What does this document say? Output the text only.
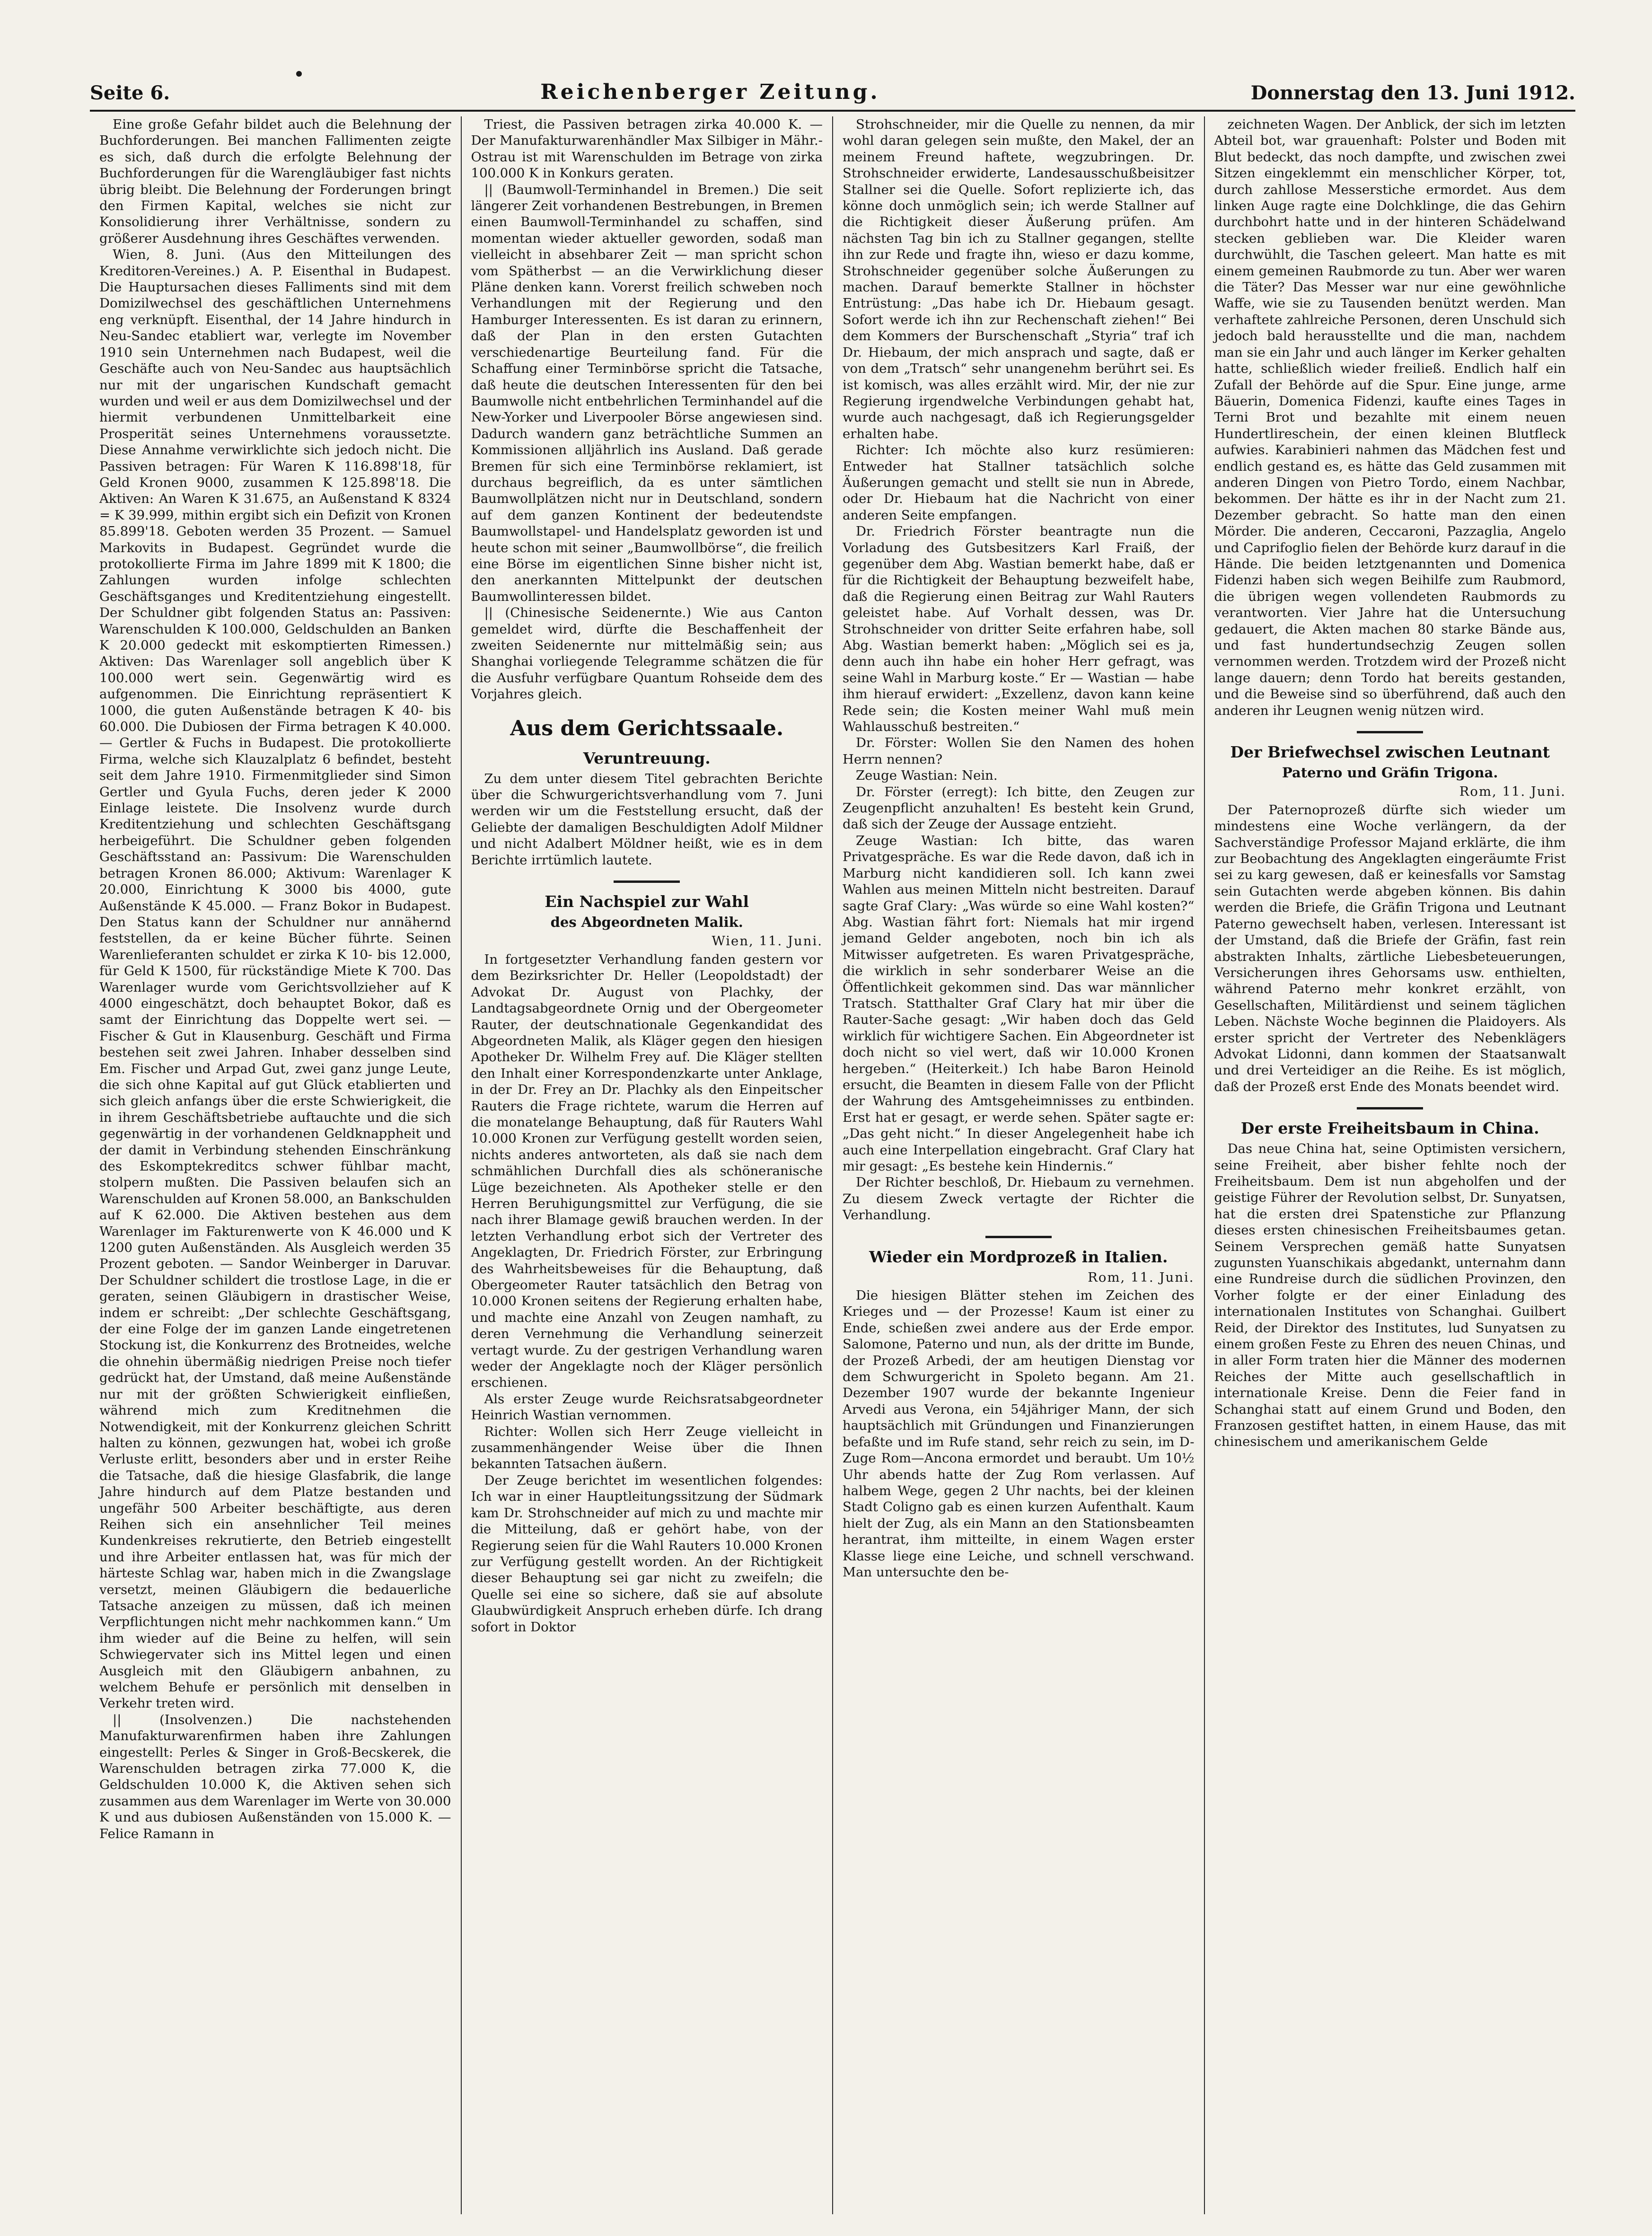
Seite 6.	Reichenberger Zeitung.	Donnerstag den 13. Juni 1912.

Eine große Gefahr bildet auch die Belehnung der Buchforderungen. Bei manchen Fallimenten zeigte es sich, daß durch die erfolgte Belehnung der Buchforderungen für die Warengläubiger fast nichts übrig bleibt. Die Belehnung der Forderungen bringt den Firmen Kapital, welches sie nicht zur Konsolidierung ihrer Verhältnisse, sondern zu größerer Ausdehnung ihres Geschäftes verwenden.

Wien, 8. Juni. (Aus den Mitteilungen des Kreditoren-Vereines.) A. P. Eisenthal in Budapest. Die Hauptursachen dieses Falliments sind mit dem Domizilwechsel des geschäftlichen Unternehmens eng verknüpft. Eisenthal, der 14 Jahre hindurch in Neu-Sandec etabliert war, verlegte im November 1910 sein Unternehmen nach Budapest, weil die Geschäfte auch von Neu-Sandec aus hauptsächlich nur mit der ungarischen Kundschaft gemacht wurden und weil er aus dem Domizilwechsel und der hiermit verbundenen Unmittelbarkeit eine Prosperität seines Unternehmens voraussetzte. Diese Annahme verwirklichte sich jedoch nicht. Die Passiven betragen: Für Waren K 116.898'18, für Geld Kronen 9000, zusammen K 125.898'18. Die Aktiven: An Waren K 31.675, an Außenstand K 8324 = K 39.999, mithin ergibt sich ein Defizit von Kronen 85.899'18. Geboten werden 35 Prozent. — Samuel Markovits in Budapest. Gegründet wurde die protokollierte Firma im Jahre 1899 mit K 1800; die Zahlungen wurden infolge schlechten Geschäftsganges und Kreditentziehung eingestellt. Der Schuldner gibt folgenden Status an: Passiven: Warenschulden K 100.000, Geldschulden an Banken K 20.000 gedeckt mit eskomptierten Rimessen.) Aktiven: Das Warenlager soll angeblich über K 100.000 wert sein. Gegenwärtig wird es aufgenommen. Die Einrichtung repräsentiert K 1000, die guten Außenstände betragen K 40- bis 60.000. Die Dubiosen der Firma betragen K 40.000. — Gertler & Fuchs in Budapest. Die protokollierte Firma, welche sich Klauzalplatz 6 befindet, besteht seit dem Jahre 1910. Firmenmitglieder sind Simon Gertler und Gyula Fuchs, deren jeder K 2000 Einlage leistete. Die Insolvenz wurde durch Kreditentziehung und schlechten Geschäftsgang herbeigeführt. Die Schuldner geben folgenden Geschäftsstand an: Passivum: Die Warenschulden betragen Kronen 86.000; Aktivum: Warenlager K 20.000, Einrichtung K 3000 bis 4000, gute Außenstände K 45.000. — Franz Bokor in Budapest. Den Status kann der Schuldner nur annähernd feststellen, da er keine Bücher führte. Seinen Warenlieferanten schuldet er zirka K 10- bis 12.000, für Geld K 1500, für rückständige Miete K 700. Das Warenlager wurde vom Gerichtsvollzieher auf K 4000 eingeschätzt, doch behauptet Bokor, daß es samt der Einrichtung das Doppelte wert sei. — Fischer & Gut in Klausenburg. Geschäft und Firma bestehen seit zwei Jahren. Inhaber desselben sind Em. Fischer und Arpad Gut, zwei ganz junge Leute, die sich ohne Kapital auf gut Glück etablierten und sich gleich anfangs über die erste Schwierigkeit, die in ihrem Geschäftsbetriebe auftauchte und die sich gegenwärtig in der vorhandenen Geldknappheit und der damit in Verbindung stehenden Einschränkung des Eskomptekreditcs schwer fühlbar macht, stolpern mußten. Die Passiven belaufen sich an Warenschulden auf Kronen 58.000, an Bankschulden auf K 62.000. Die Aktiven bestehen aus dem Warenlager im Fakturenwerte von K 46.000 und K 1200 guten Außenständen. Als Ausgleich werden 35 Prozent geboten. — Sandor Weinberger in Daruvar. Der Schuldner schildert die trostlose Lage, in die er geraten, seinen Gläubigern in drastischer Weise, indem er schreibt: „Der schlechte Geschäftsgang, der eine Folge der im ganzen Lande eingetretenen Stockung ist, die Konkurrenz des Brotneides, welche die ohnehin übermäßig niedrigen Preise noch tiefer gedrückt hat, der Umstand, daß meine Außenstände nur mit der größten Schwierigkeit einfließen, während mich zum Kreditnehmen die Notwendigkeit, mit der Konkurrenz gleichen Schritt halten zu können, gezwungen hat, wobei ich große Verluste erlitt, besonders aber und in erster Reihe die Tatsache, daß die hiesige Glasfabrik, die lange Jahre hindurch auf dem Platze bestanden und ungefähr 500 Arbeiter beschäftigte, aus deren Reihen sich ein ansehnlicher Teil meines Kundenkreises rekrutierte, den Betrieb eingestellt und ihre Arbeiter entlassen hat, was für mich der härteste Schlag war, haben mich in die Zwangslage versetzt, meinen Gläubigern die bedauerliche Tatsache anzeigen zu müssen, daß ich meinen Verpflichtungen nicht mehr nachkommen kann.“ Um ihm wieder auf die Beine zu helfen, will sein Schwiegervater sich ins Mittel legen und einen Ausgleich mit den Gläubigern anbahnen, zu welchem Behufe er persönlich mit denselben in Verkehr treten wird.

|| (Insolvenzen.) Die nachstehenden Manufakturwarenfirmen haben ihre Zahlungen eingestellt: Perles & Singer in Groß-Becskerek, die Warenschulden betragen zirka 77.000 K, die Geldschulden 10.000 K, die Aktiven sehen sich zusammen aus dem Warenlager im Werte von 30.000 K und aus dubiosen Außenständen von 15.000 K. — Felice Ramann in

Triest, die Passiven betragen zirka 40.000 K. — Der Manufakturwarenhändler Max Silbiger in Mähr.-Ostrau ist mit Warenschulden im Betrage von zirka 100.000 K in Konkurs geraten.

|| (Baumwoll-Terminhandel in Bremen.) Die seit längerer Zeit vorhandenen Bestrebungen, in Bremen einen Baumwoll-Terminhandel zu schaffen, sind momentan wieder aktueller geworden, sodaß man vielleicht in absehbarer Zeit — man spricht schon vom Spätherbst — an die Verwirklichung dieser Pläne denken kann. Vorerst freilich schweben noch Verhandlungen mit der Regierung und den Hamburger Interessenten. Es ist daran zu erinnern, daß der Plan in den ersten Gutachten verschiedenartige Beurteilung fand. Für die Schaffung einer Terminbörse spricht die Tatsache, daß heute die deutschen Interessenten für den bei Baumwolle nicht entbehrlichen Terminhandel auf die New-Yorker und Liverpooler Börse angewiesen sind. Dadurch wandern ganz beträchtliche Summen an Kommissionen alljährlich ins Ausland. Daß gerade Bremen für sich eine Terminbörse reklamiert, ist durchaus begreiflich, da es unter sämtlichen Baumwollplätzen nicht nur in Deutschland, sondern auf dem ganzen Kontinent der bedeutendste Baumwollstapel- und Handelsplatz geworden ist und heute schon mit seiner „Baumwollbörse“, die freilich eine Börse im eigentlichen Sinne bisher nicht ist, den anerkannten Mittelpunkt der deutschen Baumwollinteressen bildet.

|| (Chinesische Seidenernte.) Wie aus Canton gemeldet wird, dürfte die Beschaffenheit der zweiten Seidenernte nur mittelmäßig sein; aus Shanghai vorliegende Telegramme schätzen die für die Ausfuhr verfügbare Quantum Rohseide dem des Vorjahres gleich.

Aus dem Gerichtssaale.
Veruntreuung.

Zu dem unter diesem Titel gebrachten Berichte über die Schwurgerichtsverhandlung vom 7. Juni werden wir um die Feststellung ersucht, daß der Geliebte der damaligen Beschuldigten Adolf Mildner und nicht Adalbert Möldner heißt, wie es in dem Berichte irrtümlich lautete.

Ein Nachspiel zur Wahl
des Abgeordneten Malik.
Wien, 11. Juni.

In fortgesetzter Verhandlung fanden gestern vor dem Bezirksrichter Dr. Heller (Leopoldstadt) der Advokat Dr. August von Plachky, der Landtagsabgeordnete Ornig und der Obergeometer Rauter, der deutschnationale Gegenkandidat des Abgeordneten Malik, als Kläger gegen den hiesigen Apotheker Dr. Wilhelm Frey auf. Die Kläger stellten den Inhalt einer Korrespondenzkarte unter Anklage, in der Dr. Frey an Dr. Plachky als den Einpeitscher Rauters die Frage richtete, warum die Herren auf die monatelange Behauptung, daß für Rauters Wahl 10.000 Kronen zur Verfügung gestellt worden seien, nichts anderes antworteten, als daß sie nach dem schmählichen Durchfall dies als schöneranische Lüge bezeichneten. Als Apotheker stelle er den Herren Beruhigungsmittel zur Verfügung, die sie nach ihrer Blamage gewiß brauchen werden. In der letzten Verhandlung erbot sich der Vertreter des Angeklagten, Dr. Friedrich Förster, zur Erbringung des Wahrheitsbeweises für die Behauptung, daß Obergeometer Rauter tatsächlich den Betrag von 10.000 Kronen seitens der Regierung erhalten habe, und machte eine Anzahl von Zeugen namhaft, zu deren Vernehmung die Verhandlung seinerzeit vertagt wurde. Zu der gestrigen Verhandlung waren weder der Angeklagte noch der Kläger persönlich erschienen.

Als erster Zeuge wurde Reichsratsabgeordneter Heinrich Wastian vernommen.

Richter: Wollen sich Herr Zeuge vielleicht in zusammenhängender Weise über die Ihnen bekannten Tatsachen äußern.

Der Zeuge berichtet im wesentlichen folgendes: Ich war in einer Hauptleitungssitzung der Südmark kam Dr. Strohschneider auf mich zu und machte mir die Mitteilung, daß er gehört habe, von der Regierung seien für die Wahl Rauters 10.000 Kronen zur Verfügung gestellt worden. An der Richtigkeit dieser Behauptung sei gar nicht zu zweifeln; die Quelle sei eine so sichere, daß sie auf absolute Glaubwürdigkeit Anspruch erheben dürfe. Ich drang sofort in Doktor

Strohschneider, mir die Quelle zu nennen, da mir wohl daran gelegen sein mußte, den Makel, der an meinem Freund haftete, wegzubringen. Dr. Strohschneider erwiderte, Landesausschußbeisitzer Stallner sei die Quelle. Sofort replizierte ich, das könne doch unmöglich sein; ich werde Stallner auf die Richtigkeit dieser Äußerung prüfen. Am nächsten Tag bin ich zu Stallner gegangen, stellte ihn zur Rede und fragte ihn, wieso er dazu komme, Strohschneider gegenüber solche Äußerungen zu machen. Darauf bemerkte Stallner in höchster Entrüstung: „Das habe ich Dr. Hiebaum gesagt. Sofort werde ich ihn zur Rechenschaft ziehen!“ Bei dem Kommers der Burschenschaft „Styria“ traf ich Dr. Hiebaum, der mich ansprach und sagte, daß er von dem „Tratsch“ sehr unangenehm berührt sei. Es ist komisch, was alles erzählt wird. Mir, der nie zur Regierung irgendwelche Verbindungen gehabt hat, wurde auch nachgesagt, daß ich Regierungsgelder erhalten habe.

Richter: Ich möchte also kurz resümieren: Entweder hat Stallner tatsächlich solche Äußerungen gemacht und stellt sie nun in Abrede, oder Dr. Hiebaum hat die Nachricht von einer anderen Seite empfangen.

Dr. Friedrich Förster beantragte nun die Vorladung des Gutsbesitzers Karl Fraiß, der gegenüber dem Abg. Wastian bemerkt habe, daß er für die Richtigkeit der Behauptung bezweifelt habe, daß die Regierung einen Beitrag zur Wahl Rauters geleistet habe. Auf Vorhalt dessen, was Dr. Strohschneider von dritter Seite erfahren habe, soll Abg. Wastian bemerkt haben: „Möglich sei es ja, denn auch ihn habe ein hoher Herr gefragt, was seine Wahl in Marburg koste.“ Er — Wastian — habe ihm hierauf erwidert: „Exzellenz, davon kann keine Rede sein; die Kosten meiner Wahl muß mein Wahlausschuß bestreiten.“

Dr. Förster: Wollen Sie den Namen des hohen Herrn nennen?

Zeuge Wastian: Nein.

Dr. Förster (erregt): Ich bitte, den Zeugen zur Zeugenpflicht anzuhalten! Es besteht kein Grund, daß sich der Zeuge der Aussage entzieht.

Zeuge Wastian: Ich bitte, das waren Privatgespräche. Es war die Rede davon, daß ich in Marburg nicht kandidieren soll. Ich kann zwei Wahlen aus meinen Mitteln nicht bestreiten. Darauf sagte Graf Clary: „Was würde so eine Wahl kosten?“ Abg. Wastian fährt fort: Niemals hat mir irgend jemand Gelder angeboten, noch bin ich als Mitwisser aufgetreten. Es waren Privatgespräche, die wirklich in sehr sonderbarer Weise an die Öffentlichkeit gekommen sind. Das war männlicher Tratsch. Statthalter Graf Clary hat mir über die Rauter-Sache gesagt: „Wir haben doch das Geld wirklich für wichtigere Sachen. Ein Abgeordneter ist doch nicht so viel wert, daß wir 10.000 Kronen hergeben.“ (Heiterkeit.) Ich habe Baron Heinold ersucht, die Beamten in diesem Falle von der Pflicht der Wahrung des Amtsgeheimnisses zu entbinden. Erst hat er gesagt, er werde sehen. Später sagte er: „Das geht nicht.“ In dieser Angelegenheit habe ich auch eine Interpellation eingebracht. Graf Clary hat mir gesagt: „Es bestehe kein Hindernis.“

Der Richter beschloß, Dr. Hiebaum zu vernehmen. Zu diesem Zweck vertagte der Richter die Verhandlung.

Wieder ein Mordprozeß in Italien.
Rom, 11. Juni.

Die hiesigen Blätter stehen im Zeichen des Krieges und — der Prozesse! Kaum ist einer zu Ende, schießen zwei andere aus der Erde empor. Salomone, Paterno und nun, als der dritte im Bunde, der Prozeß Arbedi, der am heutigen Dienstag vor dem Schwurgericht in Spoleto begann. Am 21. Dezember 1907 wurde der bekannte Ingenieur Arvedi aus Verona, ein 54jähriger Mann, der sich hauptsächlich mit Gründungen und Finanzierungen befaßte und im Rufe stand, sehr reich zu sein, im D-Zuge Rom—Ancona ermordet und beraubt. Um 10½ Uhr abends hatte der Zug Rom verlassen. Auf halbem Wege, gegen 2 Uhr nachts, bei der kleinen Stadt Coligno gab es einen kurzen Aufenthalt. Kaum hielt der Zug, als ein Mann an den Stationsbeamten herantrat, ihm mitteilte, in einem Wagen erster Klasse liege eine Leiche, und schnell verschwand. Man untersuchte den be-

zeichneten Wagen. Der Anblick, der sich im letzten Abteil bot, war grauenhaft: Polster und Boden mit Blut bedeckt, das noch dampfte, und zwischen zwei Sitzen eingeklemmt ein menschlicher Körper, tot, durch zahllose Messerstiche ermordet. Aus dem linken Auge ragte eine Dolchklinge, die das Gehirn durchbohrt hatte und in der hinteren Schädelwand stecken geblieben war. Die Kleider waren durchwühlt, die Taschen geleert. Man hatte es mit einem gemeinen Raubmorde zu tun. Aber wer waren die Täter? Das Messer war nur eine gewöhnliche Waffe, wie sie zu Tausenden benützt werden. Man verhaftete zahlreiche Personen, deren Unschuld sich jedoch bald herausstellte und die man, nachdem man sie ein Jahr und auch länger im Kerker gehalten hatte, schließlich wieder freiließ. Endlich half ein Zufall der Behörde auf die Spur. Eine junge, arme Bäuerin, Domenica Fidenzi, kaufte eines Tages in Terni Brot und bezahlte mit einem neuen Hundertlireschein, der einen kleinen Blutfleck aufwies. Karabinieri nahmen das Mädchen fest und endlich gestand es, es hätte das Geld zusammen mit anderen Dingen von Pietro Tordo, einem Nachbar, bekommen. Der hätte es ihr in der Nacht zum 21. Dezember gebracht. So hatte man den einen Mörder. Die anderen, Ceccaroni, Pazzaglia, Angelo und Caprifoglio fielen der Behörde kurz darauf in die Hände. Die beiden letztgenannten und Domenica Fidenzi haben sich wegen Beihilfe zum Raubmord, die übrigen wegen vollendeten Raubmords zu verantworten. Vier Jahre hat die Untersuchung gedauert, die Akten machen 80 starke Bände aus, und fast hundertundsechzig Zeugen sollen vernommen werden. Trotzdem wird der Prozeß nicht lange dauern; denn Tordo hat bereits gestanden, und die Beweise sind so überführend, daß auch den anderen ihr Leugnen wenig nützen wird.

Der Briefwechsel zwischen Leutnant
Paterno und Gräfin Trigona.
Rom, 11. Juni.

Der Paternoprozeß dürfte sich wieder um mindestens eine Woche verlängern, da der Sachverständige Professor Majand erklärte, die ihm zur Beobachtung des Angeklagten eingeräumte Frist sei zu karg gewesen, daß er keinesfalls vor Samstag sein Gutachten werde abgeben können. Bis dahin werden die Briefe, die Gräfin Trigona und Leutnant Paterno gewechselt haben, verlesen. Interessant ist der Umstand, daß die Briefe der Gräfin, fast rein abstrakten Inhalts, zärtliche Liebesbeteuerungen, Versicherungen ihres Gehorsams usw. enthielten, während Paterno mehr konkret erzählt, von Gesellschaften, Militärdienst und seinem täglichen Leben. Nächste Woche beginnen die Plaidoyers. Als erster spricht der Vertreter des Nebenklägers Advokat Lidonni, dann kommen der Staatsanwalt und drei Verteidiger an die Reihe. Es ist möglich, daß der Prozeß erst Ende des Monats beendet wird.

Der erste Freiheitsbaum in China.

Das neue China hat, seine Optimisten versichern, seine Freiheit, aber bisher fehlte noch der Freiheitsbaum. Dem ist nun abgeholfen und der geistige Führer der Revolution selbst, Dr. Sunyatsen, hat die ersten drei Spatenstiche zur Pflanzung dieses ersten chinesischen Freiheitsbaumes getan. Seinem Versprechen gemäß hatte Sunyatsen zugunsten Yuanschikais abgedankt, unternahm dann eine Rundreise durch die südlichen Provinzen, den Vorher folgte er der einer Einladung des internationalen Institutes von Schanghai. Guilbert Reid, der Direktor des Institutes, lud Sunyatsen zu einem großen Feste zu Ehren des neuen Chinas, und in aller Form traten hier die Männer des modernen Reiches der Mitte auch gesellschaftlich in internationale Kreise. Denn die Feier fand in Schanghai statt auf einem Grund und Boden, den Franzosen gestiftet hatten, in einem Hause, das mit chinesischem und amerikanischem Gelde
